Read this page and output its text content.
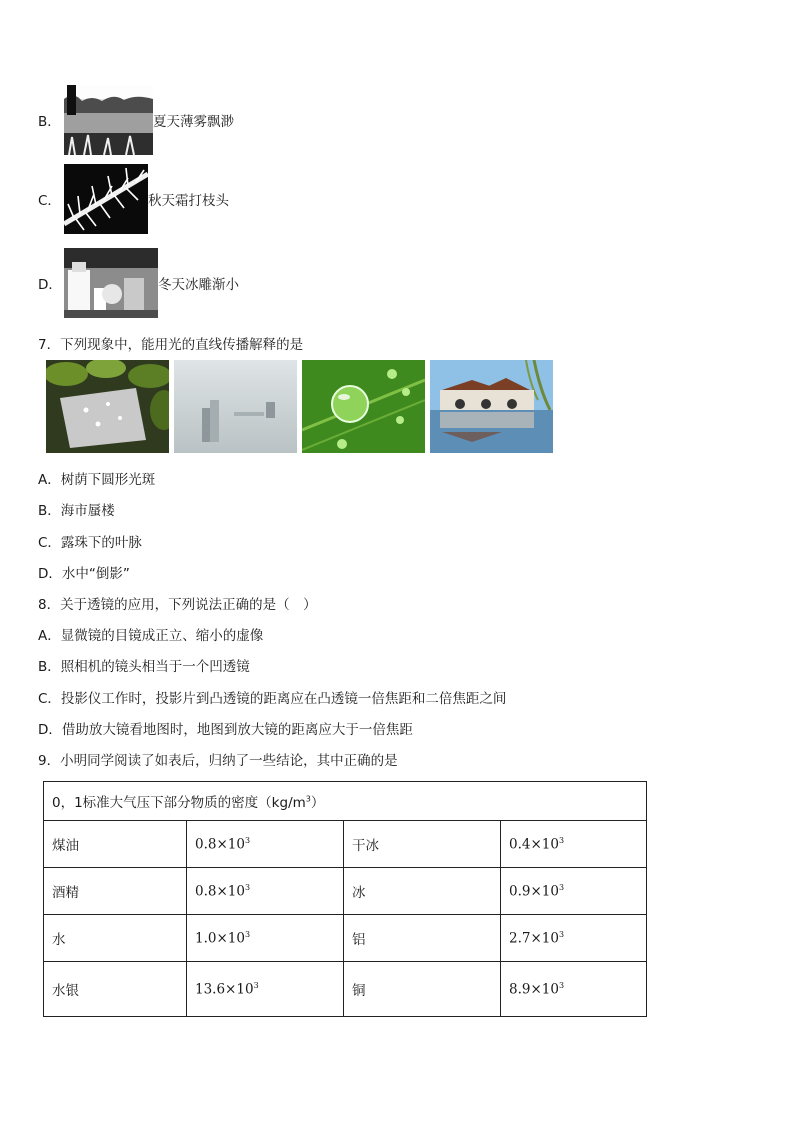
B．	夏天薄雾飘渺
C．	秋天霜打枝头
D．	冬天冰雕渐小
7．下列现象中，能用光的直线传播解释的是
A．树荫下圆形光斑
B．海市蜃楼
C．露珠下的叶脉
D．水中“倒影”
8．关于透镜的应用，下列说法正确的是（　）
A．显微镜的目镜成正立、缩小的虚像
B．照相机的镜头相当于一个凹透镜
C．投影仪工作时，投影片到凸透镜的距离应在凸透镜一倍焦距和二倍焦距之间
D．借助放大镜看地图时，地图到放大镜的距离应大于一倍焦距
9．小明同学阅读了如表后，归纳了一些结论，其中正确的是
0，1标准大气压下部分物质的密度$(kg/m^3)$			
煤油	$0.8\times 10^3$	干冰	$0.4\times 10^3$
酒精	$0.8\times 10^3$	冰	$0.9\times 10^3$
水	$1.0\times 10^3$	铝	$2.7\times 10^3$
水银	$13.6\times 10^3$	铜	$8.9\times 10^3$
